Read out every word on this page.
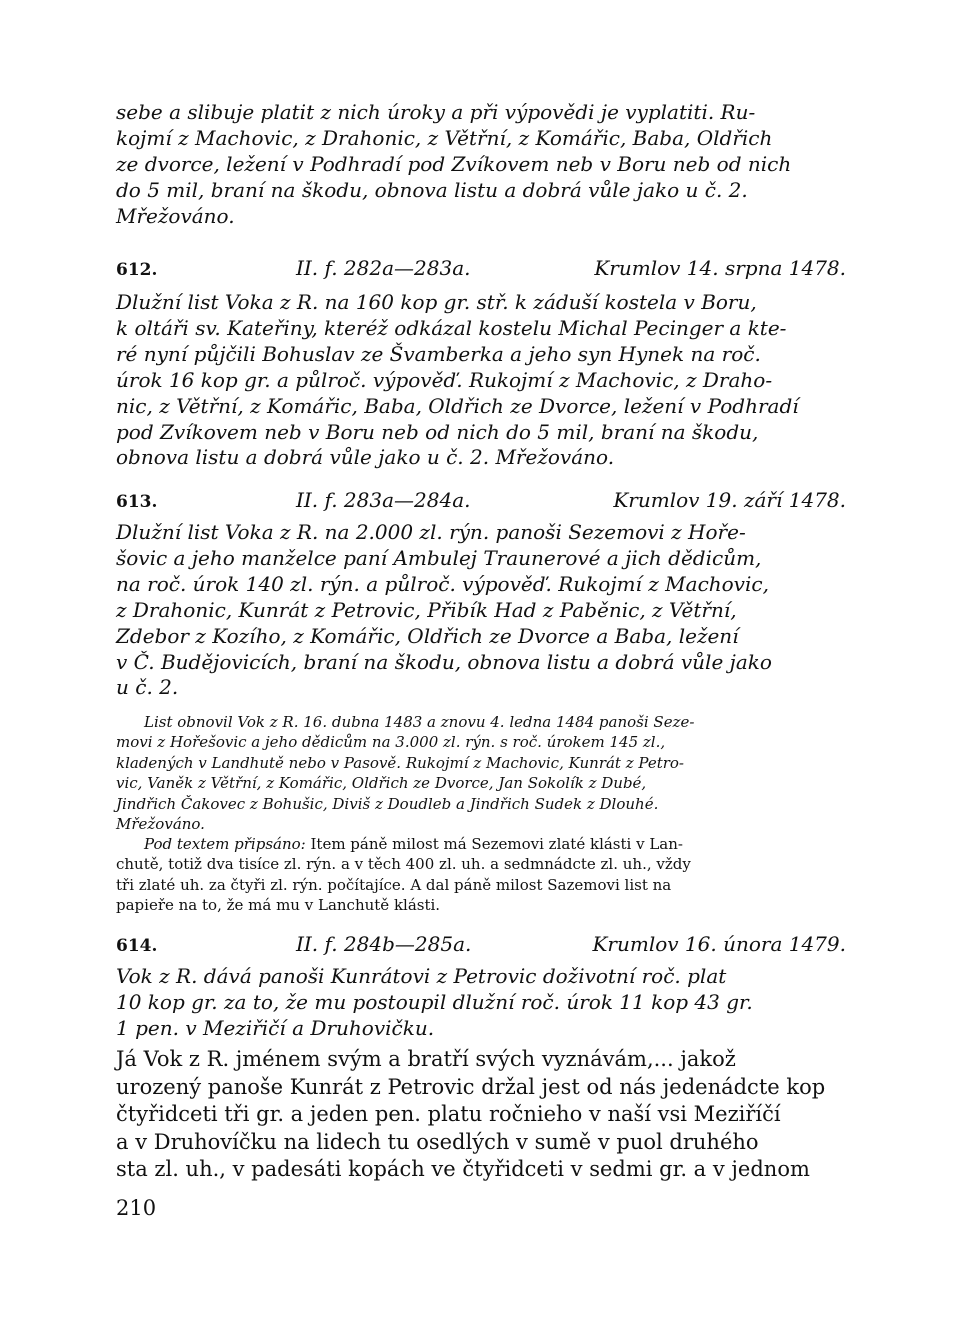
sebe a slibuje platit z nich úroky a při výpovědi je vyplatiti. Ru-
kojmí z Machovic, z Drahonic, z Větřní, z Komářic, Baba, Oldřich
ze dvorce, ležení v Podhradí pod Zvíkovem neb v Boru neb od nich
do 5 mil, braní na škodu, obnova listu a dobrá vůle jako u č. 2.
Mřežováno.
612.	II. f. 282a—283a.	Krumlov 14. srpna 1478.
Dlužní list Voka z R. na 160 kop gr. stř. k záduší kostela v Boru,
k oltáři sv. Kateřiny, kteréž odkázal kostelu Michal Pecinger a kte-
ré nyní půjčili Bohuslav ze Švamberka a jeho syn Hynek na roč.
úrok 16 kop gr. a půlroč. výpověď. Rukojmí z Machovic, z Draho-
nic, z Větřní, z Komářic, Baba, Oldřich ze Dvorce, ležení v Podhradí
pod Zvíkovem neb v Boru neb od nich do 5 mil, braní na škodu,
obnova listu a dobrá vůle jako u č. 2. Mřežováno.
613.	II. f. 283a—284a.	Krumlov 19. září 1478.
Dlužní list Voka z R. na 2.000 zl. rýn. panoši Sezemovi z Hoře-
šovic a jeho manželce paní Ambulej Traunerové a jich dědicům,
na roč. úrok 140 zl. rýn. a půlroč. výpověď. Rukojmí z Machovic,
z Drahonic, Kunrát z Petrovic, Přibík Had z Paběnic, z Větřní,
Zdebor z Kozího, z Komářic, Oldřich ze Dvorce a Baba, ležení
v Č. Budějovicích, braní na škodu, obnova listu a dobrá vůle jako
u č. 2.
List obnovil Vok z R. 16. dubna 1483 a znovu 4. ledna 1484 panoši Seze-
movi z Hořešovic a jeho dědicům na 3.000 zl. rýn. s roč. úrokem 145 zl.,
kladených v Landhutě nebo v Pasově. Rukojmí z Machovic, Kunrát z Petro-
vic, Vaněk z Větřní, z Komářic, Oldřich ze Dvorce, Jan Sokolík z Dubé,
Jindřich Čakovec z Bohušic, Diviš z Doudleb a Jindřich Sudek z Dlouhé.
Mřežováno.
Pod textem připsáno: Item páně milost má Sezemovi zlaté klásti v Lan-
chutě, totiž dva tisíce zl. rýn. a v těch 400 zl. uh. a sedmnádcte zl. uh., vždy
tři zlaté uh. za čtyři zl. rýn. počítajíce. A dal páně milost Sazemovi list na
papieře na to, že má mu v Lanchutě klásti.
614.	II. f. 284b—285a.	Krumlov 16. února 1479.
Vok z R. dává panoši Kunrátovi z Petrovic doživotní roč. plat
10 kop gr. za to, že mu postoupil dlužní roč. úrok 11 kop 43 gr.
1 pen. v Meziřičí a Druhovičku.
Já Vok z R. jménem svým a bratří svých vyznávám,... jakož
urozený panoše Kunrát z Petrovic držal jest od nás jedenádcte kop
čtyřidceti tři gr. a jeden pen. platu ročnieho v naší vsi Meziříčí
a v Druhovíčku na lidech tu osedlých v sumě v puol druhého
sta zl. uh., v padesáti kopách ve čtyřidceti v sedmi gr. a v jednom
210
